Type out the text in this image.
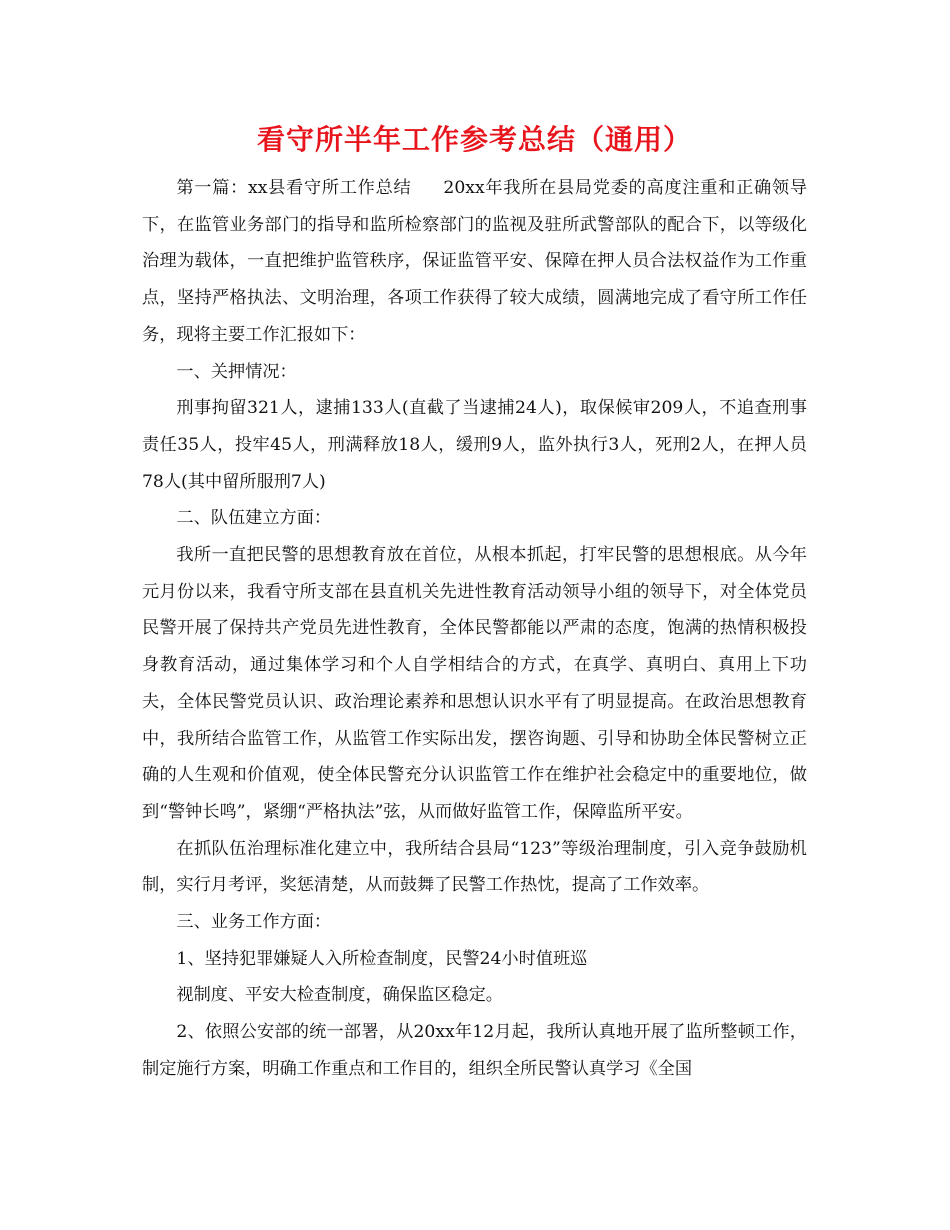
看守所半年工作参考总结（通用）

第一篇：xx县看守所工作总结 20xx年我所在县局党委的高度注重和正确领导下，在监管业务部门的指导和监所检察部门的监视及驻所武警部队的配合下，以等级化治理为载体，一直把维护监管秩序，保证监管平安、保障在押人员合法权益作为工作重点，坚持严格执法、文明治理，各项工作获得了较大成绩，圆满地完成了看守所工作任务，现将主要工作汇报如下：

一、关押情况：

刑事拘留321人，逮捕133人(直截了当逮捕24人)，取保候审209人，不追查刑事责任35人，投牢45人，刑满释放18人，缓刑9人，监外执行3人，死刑2人，在押人员78人(其中留所服刑7人)

二、队伍建立方面：

我所一直把民警的思想教育放在首位，从根本抓起，打牢民警的思想根底。从今年元月份以来，我看守所支部在县直机关先进性教育活动领导小组的领导下，对全体党员民警开展了保持共产党员先进性教育，全体民警都能以严肃的态度，饱满的热情积极投身教育活动，通过集体学习和个人自学相结合的方式，在真学、真明白、真用上下功夫，全体民警党员认识、政治理论素养和思想认识水平有了明显提高。在政治思想教育中，我所结合监管工作，从监管工作实际出发，摆咨询题、引导和协助全体民警树立正确的人生观和价值观，使全体民警充分认识监管工作在维护社会稳定中的重要地位，做到“警钟长鸣”，紧绷“严格执法”弦，从而做好监管工作，保障监所平安。

在抓队伍治理标准化建立中，我所结合县局“123”等级治理制度，引入竞争鼓励机制，实行月考评，奖惩清楚，从而鼓舞了民警工作热忱，提高了工作效率。

三、业务工作方面：

1、坚持犯罪嫌疑人入所检查制度，民警24小时值班巡

视制度、平安大检查制度，确保监区稳定。

2、依照公安部的统一部署，从20xx年12月起，我所认真地开展了监所整顿工作，制定施行方案，明确工作重点和工作目的，组织全所民警认真学习《全国
